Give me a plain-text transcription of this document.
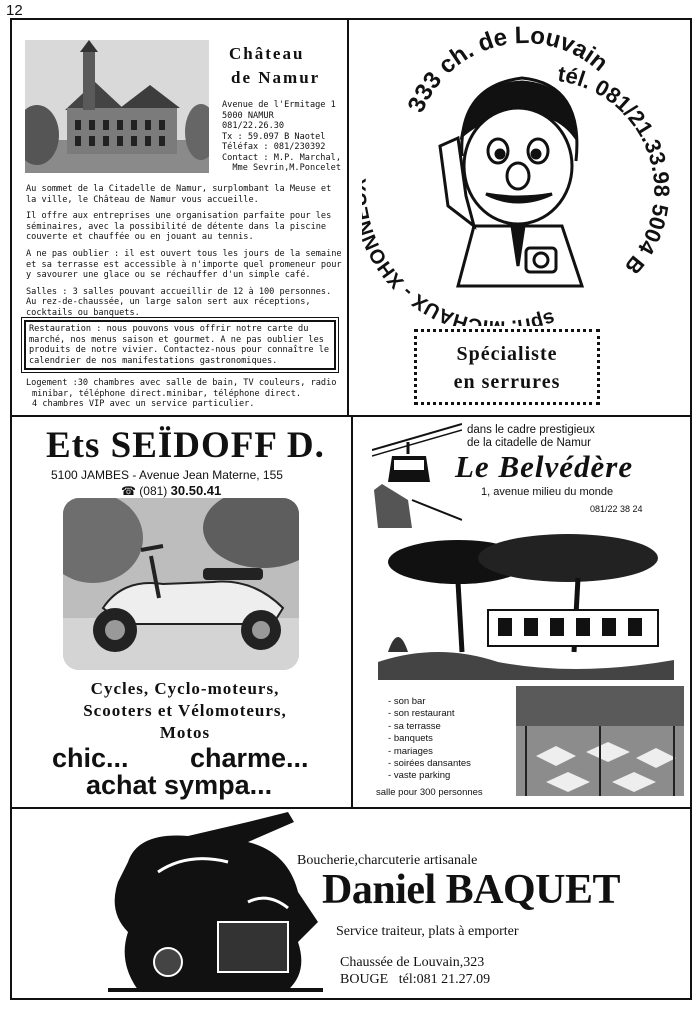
12
Château
de Namur
Avenue de l'Ermitage 1
5000 NAMUR
081/22.26.30
Tx : 59.097 B Naotel
Téléfax : 081/230392
Contact : M.P. Marchal,
Mme Sevrin,M.Poncelet

Au sommet de la Citadelle de Namur, surplombant la Meuse et la ville, le Château de Namur vous accueille.

Il offre aux entreprises une organisation parfaite pour les séminaires, avec la possibilité de détente dans la piscine couverte et chauffée ou en jouant au tennis.

A ne pas oublier : il est ouvert tous les jours de la semaine et sa terrasse est accessible à n'importe quel promeneur pour y savourer une glace ou se réchauffer d'un simple café.

Salles : 3 salles pouvant accueillir de 12 à 100 personnes. Au rez-de-chaussée, un large salon sert aux réceptions, cocktails ou banquets.

Restauration : nous pouvons vous offrir notre carte du marché, nos menus saison et gourmet. A ne pas oublier les produits de notre vivier. Contactez-nous pour connaître le calendrier de nos manifestations gastronomiques.
Logement :30 chambres avec salle de bain, TV couleurs, radio
minibar, téléphone direct.minibar, téléphone direct.
4 chambres VIP avec un service particulier.
333 ch. de Louvain
tél. 081/21.33.98 5004 B
sprl CHAUX - XHO
Spécialiste
en serrures
Ets SEÏDOFF D.
5100 JAMBES - Avenue Jean Materne, 155
☎ (081) 30.50.41
Cycles, Cyclo-moteurs,
Scooters et Vélomoteurs,
Motos
chic... charme...
achat sympa...
dans le cadre prestigieux
de la citadelle de Namur
Le Belvédère
1, avenue milieu du monde
081/22 38 24
- son bar
- son restaurant
- sa terrasse
- banquets
- mariages
- soirées dansantes
- vaste parking
salle pour 300 personnes
Boucherie,charcuterie artisanale
Daniel BAQUET
Service traiteur, plats à emporter
Chaussée de Louvain,323
BOUGE   tél:081 21.27.09
